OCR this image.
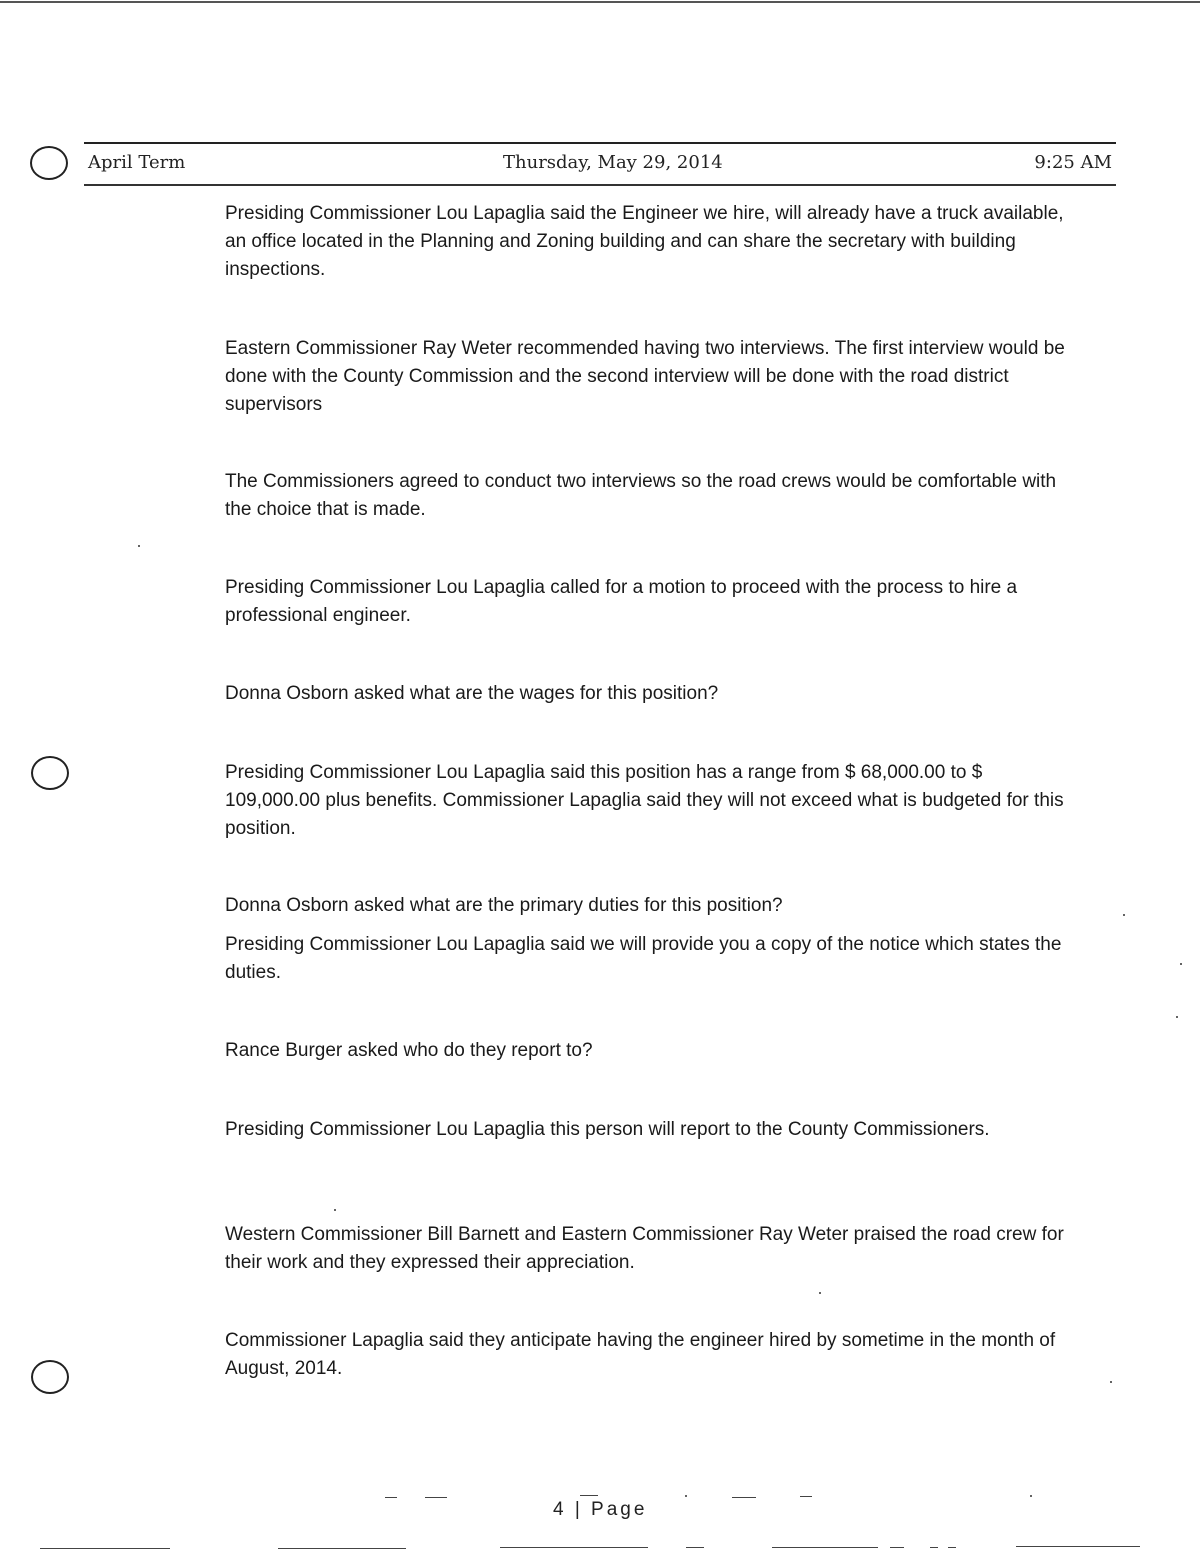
April Term	Thursday, May 29, 2014	9:25 AM

Presiding Commissioner Lou Lapaglia said the Engineer we hire, will already have a truck available, an office located in the Planning and Zoning building and can share the secretary with building inspections.

Eastern Commissioner Ray Weter recommended having two interviews. The first interview would be done with the County Commission and the second interview will be done with the road district supervisors

The Commissioners agreed to conduct two interviews so the road crews would be comfortable with the choice that is made.

Presiding Commissioner Lou Lapaglia called for a motion to proceed with the process to hire a professional engineer.

Donna Osborn asked what are the wages for this position?

Presiding Commissioner Lou Lapaglia said this position has a range from $ 68,000.00 to $ 109,000.00 plus benefits. Commissioner Lapaglia said they will not exceed what is budgeted for this position.

Donna Osborn asked what are the primary duties for this position?

Presiding Commissioner Lou Lapaglia said we will provide you a copy of the notice which states the duties.

Rance Burger asked who do they report to?

Presiding Commissioner Lou Lapaglia this person will report to the County Commissioners.

Western Commissioner Bill Barnett and Eastern Commissioner Ray Weter praised the road crew for their work and they expressed their appreciation.

Commissioner Lapaglia said they anticipate having the engineer hired by sometime in the month of August, 2014.

4 | Page
